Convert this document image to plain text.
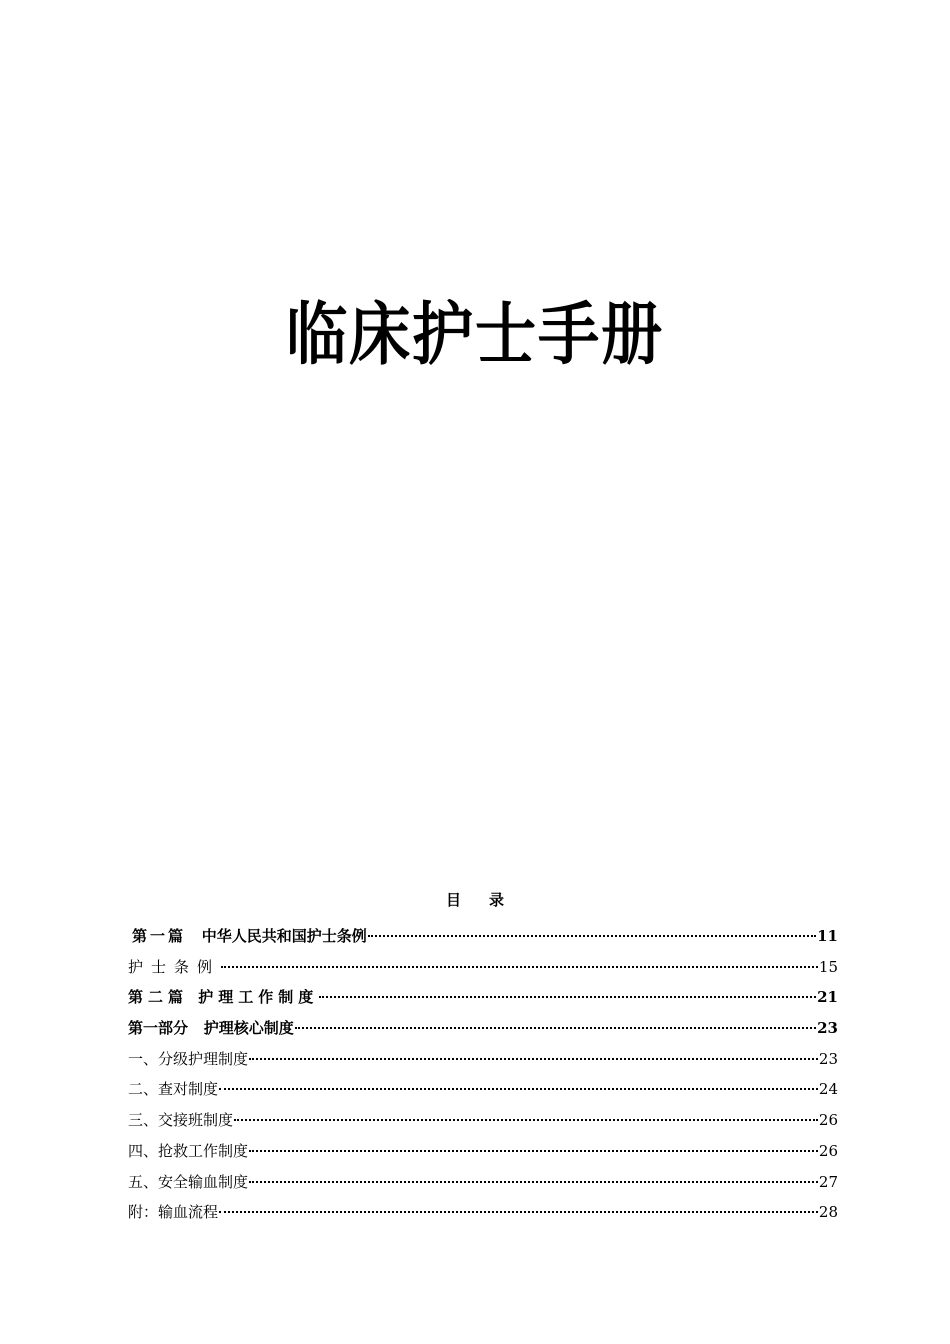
临床护士手册
目 录
第一篇 中华人民共和国护士条例	11
护士条例	15
第二篇 护理工作制度	21
第一部分 护理核心制度	23
一、分级护理制度	23
二、查对制度	24
三、交接班制度	26
四、抢救工作制度	26
五、安全输血制度	27
附：输血流程	28
